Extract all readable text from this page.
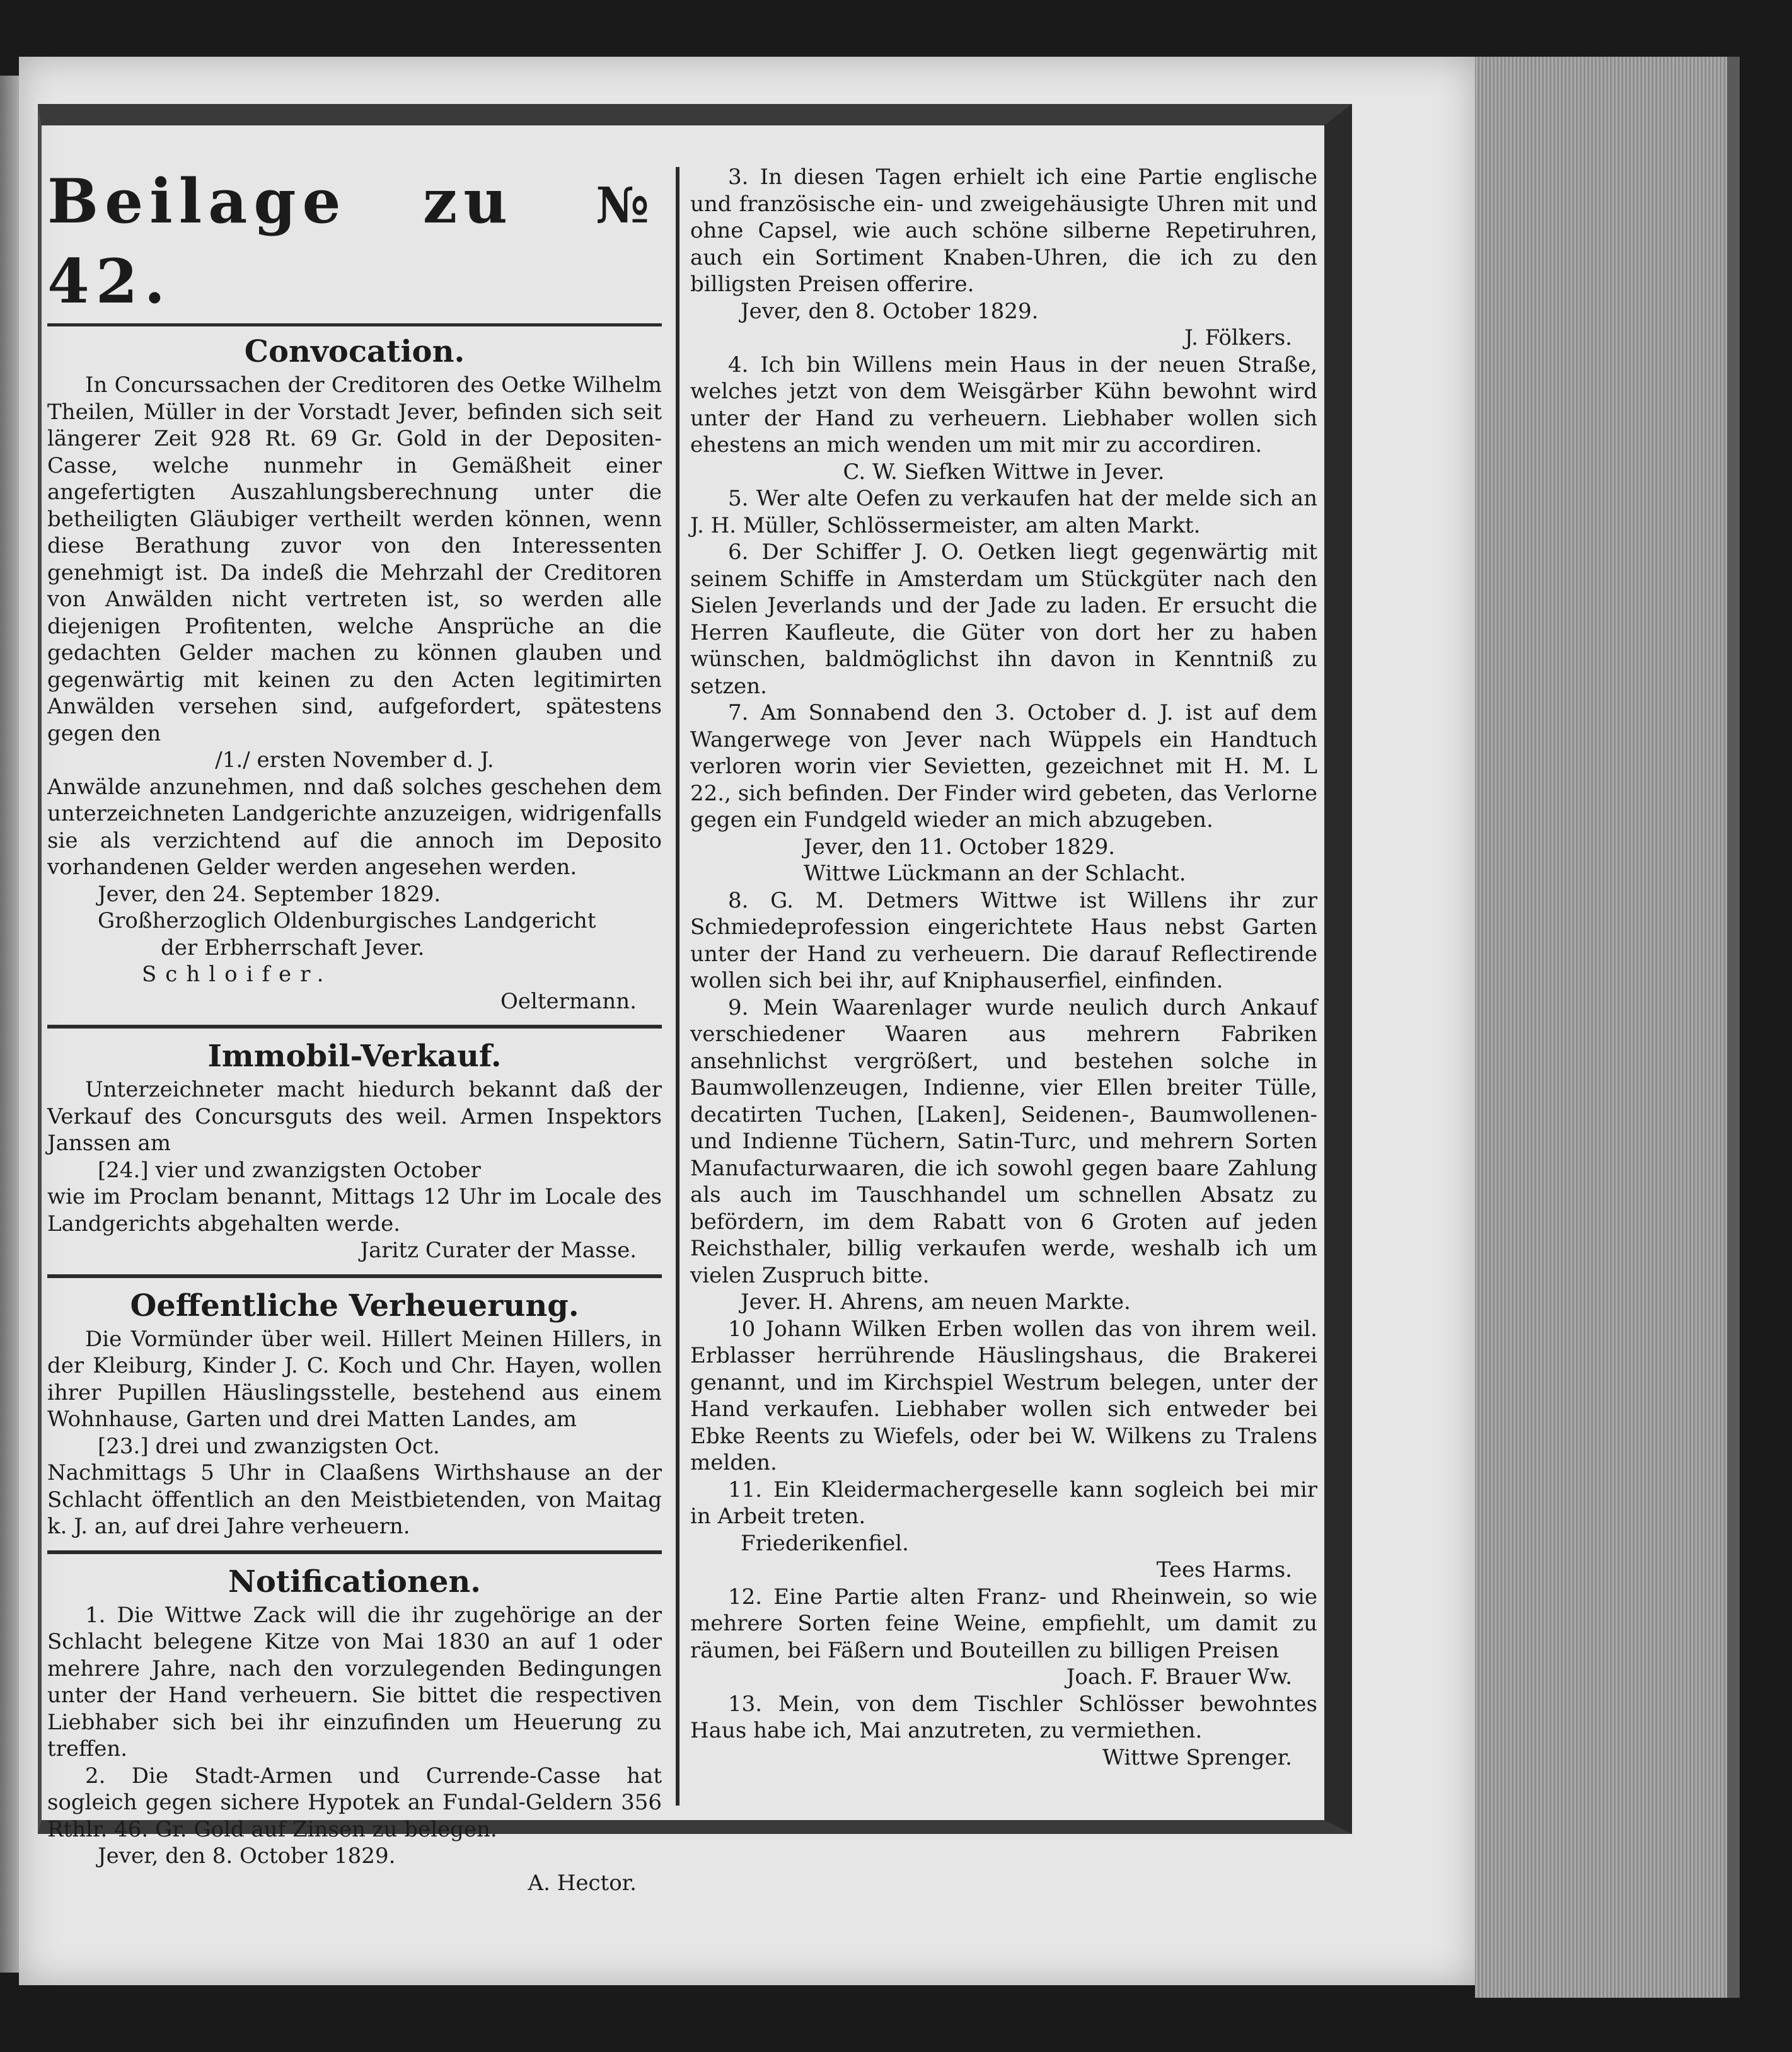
Beilage zu № 42.
Convocation.

In Concurssachen der Creditoren des Oetke Wilhelm Theilen, Müller in der Vorstadt Jever, befinden sich seit längerer Zeit 928 Rt. 69 Gr. Gold in der Depositen-Casse, welche nunmehr in Gemäßheit einer angefertigten Auszahlungsberechnung unter die betheiligten Gläubiger vertheilt werden können, wenn diese Berathung zuvor von den Interessenten genehmigt ist. Da indeß die Mehrzahl der Creditoren von Anwälden nicht vertreten ist, so werden alle diejenigen Profitenten, welche Ansprüche an die gedachten Gelder machen zu können glauben und gegenwärtig mit keinen zu den Acten legitimirten Anwälden versehen sind, aufgefordert, spätestens gegen den

/1./ ersten November d. J.

Anwälde anzunehmen, nnd daß solches geschehen dem unterzeichneten Landgerichte anzuzeigen, widrigenfalls sie als verzichtend auf die annoch im Deposito vorhandenen Gelder werden angesehen werden.

Jever, den 24. September 1829.

Großherzoglich Oldenburgisches Landgericht

der Erbherrschaft Jever.

Schloifer.

Oeltermann.

Immobil-Verkauf.

Unterzeichneter macht hiedurch bekannt daß der Verkauf des Concursguts des weil. Armen Inspektors Janssen am

[24.] vier und zwanzigsten October

wie im Proclam benannt, Mittags 12 Uhr im Locale des Landgerichts abgehalten werde.

Jaritz Curater der Masse.

Oeffentliche Verheuerung.

Die Vormünder über weil. Hillert Meinen Hillers, in der Kleiburg, Kinder J. C. Koch und Chr. Hayen, wollen ihrer Pupillen Häuslingsstelle, bestehend aus einem Wohnhause, Garten und drei Matten Landes, am

[23.] drei und zwanzigsten Oct.

Nachmittags 5 Uhr in Claaßens Wirthshause an der Schlacht öffentlich an den Meistbietenden, von Maitag k. J. an, auf drei Jahre verheuern.

Notificationen.

1. Die Wittwe Zack will die ihr zugehörige an der Schlacht belegene Kitze von Mai 1830 an auf 1 oder mehrere Jahre, nach den vorzulegenden Bedingungen unter der Hand verheuern. Sie bittet die respectiven Liebhaber sich bei ihr einzufinden um Heuerung zu treffen.

2. Die Stadt-Armen und Currende-Casse hat sogleich gegen sichere Hypotek an Fundal-Geldern 356 Rthlr. 46. Gr. Gold auf Zinsen zu belegen.

Jever, den 8. October 1829.

A. Hector.

3. In diesen Tagen erhielt ich eine Partie englische und französische ein- und zweigehäusigte Uhren mit und ohne Capsel, wie auch schöne silberne Repetiruhren, auch ein Sortiment Knaben-Uhren, die ich zu den billigsten Preisen offerire.

Jever, den 8. October 1829.

J. Fölkers.

4. Ich bin Willens mein Haus in der neuen Straße, welches jetzt von dem Weisgärber Kühn bewohnt wird unter der Hand zu verheuern. Liebhaber wollen sich ehestens an mich wenden um mit mir zu accordiren.

C. W. Siefken Wittwe in Jever.

5. Wer alte Oefen zu verkaufen hat der melde sich an J. H. Müller, Schlössermeister, am alten Markt.

6. Der Schiffer J. O. Oetken liegt gegenwärtig mit seinem Schiffe in Amsterdam um Stückgüter nach den Sielen Jeverlands und der Jade zu laden. Er ersucht die Herren Kaufleute, die Güter von dort her zu haben wünschen, baldmöglichst ihn davon in Kenntniß zu setzen.

7. Am Sonnabend den 3. October d. J. ist auf dem Wangerwege von Jever nach Wüppels ein Handtuch verloren worin vier Sevietten, gezeichnet mit H. M. L 22., sich befinden. Der Finder wird gebeten, das Verlorne gegen ein Fundgeld wieder an mich abzugeben.

Jever, den 11. October 1829.

Wittwe Lückmann an der Schlacht.

8. G. M. Detmers Wittwe ist Willens ihr zur Schmiedeprofession eingerichtete Haus nebst Garten unter der Hand zu verheuern. Die darauf Reflectirende wollen sich bei ihr, auf Kniphauserfiel, einfinden.

9. Mein Waarenlager wurde neulich durch Ankauf verschiedener Waaren aus mehrern Fabriken ansehnlichst vergrößert, und bestehen solche in Baumwollenzeugen, Indienne, vier Ellen breiter Tülle, decatirten Tuchen, [Laken], Seidenen-, Baumwollenen- und Indienne Tüchern, Satin-Turc, und mehrern Sorten Manufacturwaaren, die ich sowohl gegen baare Zahlung als auch im Tauschhandel um schnellen Absatz zu befördern, im dem Rabatt von 6 Groten auf jeden Reichsthaler, billig verkaufen werde, weshalb ich um vielen Zuspruch bitte.

Jever. H. Ahrens, am neuen Markte.

10 Johann Wilken Erben wollen das von ihrem weil. Erblasser herrührende Häuslingshaus, die Brakerei genannt, und im Kirchspiel Westrum belegen, unter der Hand verkaufen. Liebhaber wollen sich entweder bei Ebke Reents zu Wiefels, oder bei W. Wilkens zu Tralens melden.

11. Ein Kleidermachergeselle kann sogleich bei mir in Arbeit treten.

Friederikenfiel.

Tees Harms.

12. Eine Partie alten Franz- und Rheinwein, so wie mehrere Sorten feine Weine, empfiehlt, um damit zu räumen, bei Fäßern und Bouteillen zu billigen Preisen

Joach. F. Brauer Ww.

13. Mein, von dem Tischler Schlösser bewohntes Haus habe ich, Mai anzutreten, zu vermiethen.

Wittwe Sprenger.
